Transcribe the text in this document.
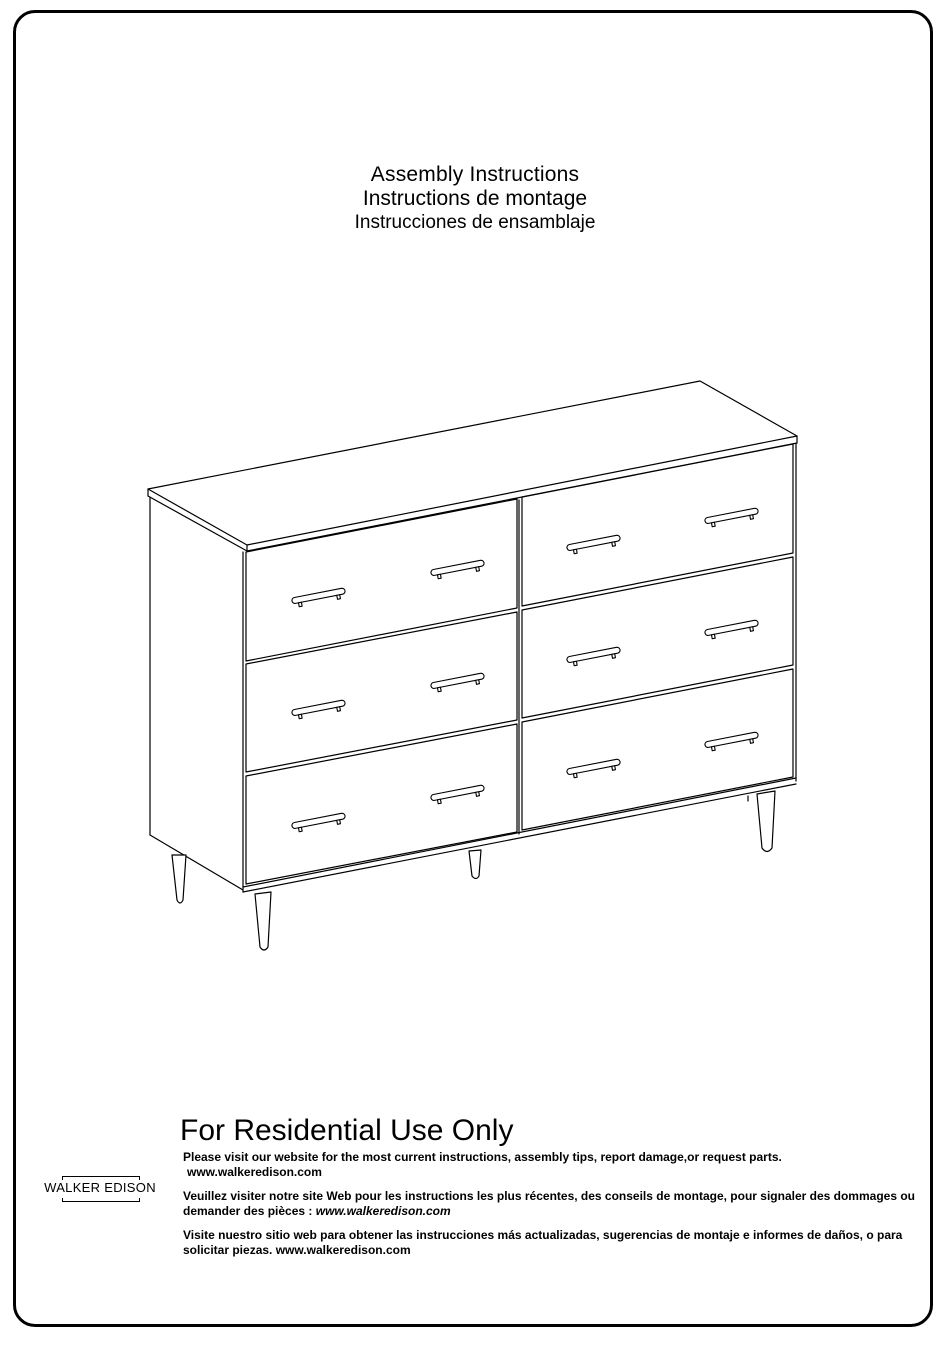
Assembly Instructions
Instructions de montage
Instrucciones de ensamblaje
For Residential Use Only
WALKER EDISON

Please visit our website for the most current instructions, assembly tips, report damage,or request parts. www.walkeredison.com

Veuillez visiter notre site Web pour les instructions les plus récentes, des conseils de montage, pour signaler des dommages ou demander des pièces : www.walkeredison.com

Visite nuestro sitio web para obtener las instrucciones más actualizadas, sugerencias de montaje e informes de daños, o para solicitar piezas. www.walkeredison.com
